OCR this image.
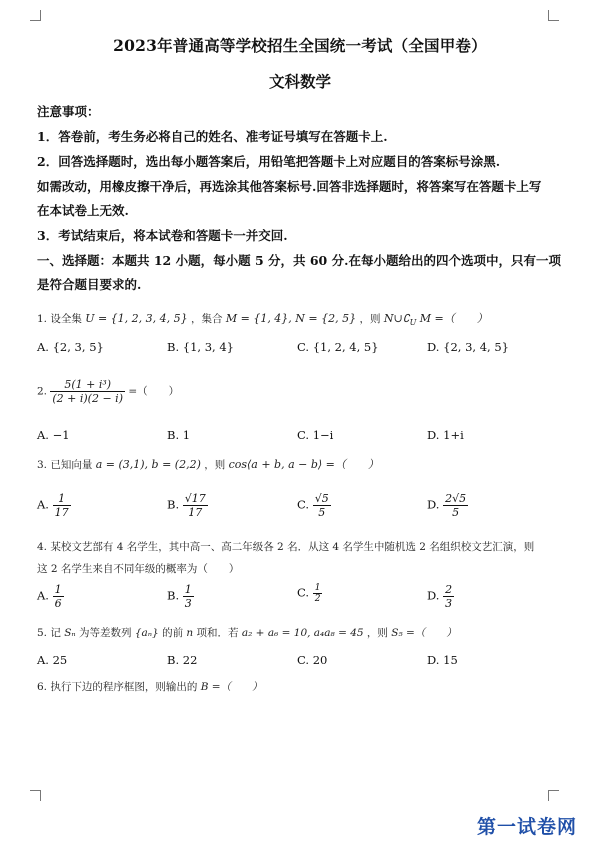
2023年普通高等学校招生全国统一考试（全国甲卷）
文科数学
注意事项：
1．答卷前，考生务必将自己的姓名、准考证号填写在答题卡上.
2．回答选择题时，选出每小题答案后，用铅笔把答题卡上对应题目的答案标号涂黑.
如需改动，用橡皮擦干净后，再选涂其他答案标号.回答非选择题时，将答案写在答题卡上写
在本试卷上无效.
3．考试结束后，将本试卷和答题卡一并交回.
一、选择题：本题共 12 小题，每小题 5 分，共 60 分.在每小题给出的四个选项中，只有一项
是符合题目要求的.
1. 设全集 U = {1, 2, 3, 4, 5} ，集合 M = {1, 4}, N = {2, 5} ，则 $N\cup∁_U$ M =（　　）
A. {2, 3, 5}	B. {1, 3, 4}	C. {1, 2, 4, 5}	D. {2, 3, 4, 5}
2. $\frac{\text{5(1 + i³)}}{(2 + i)(2 - i)}$ =（　　）
A. −1	B. 1	C. 1−i	D. 1+i
3. 已知向量 a = (3,1), b = (2,2) ，则 cos⟨a + b, a − b⟩ =（　　）
A. $\frac{1}{17}$	B. $\frac{√17}{17}$	C. $\frac{√5}{5}$	D. $\frac{2√5}{5}$
4. 某校文艺部有 4 名学生，其中高一、高二年级各 2 名．从这 4 名学生中随机选 2 名组织校文艺汇演，则
这 2 名学生来自不同年级的概率为（　　）
A. $\frac{1}{6}$	B. $\frac{1}{3}$	C. $\frac{1}{2}$	D. $\frac{2}{3}$
5. 记 Sₙ 为等差数列 {aₙ} 的前 n 项和．若 a₂ + a₆ = 10, a₄a₈ = 45 ，则 S₅ =（　　）
A. 25	B. 22	C. 20	D. 15
6. 执行下边的程序框图，则输出的 B =（　　）
第一试卷网
